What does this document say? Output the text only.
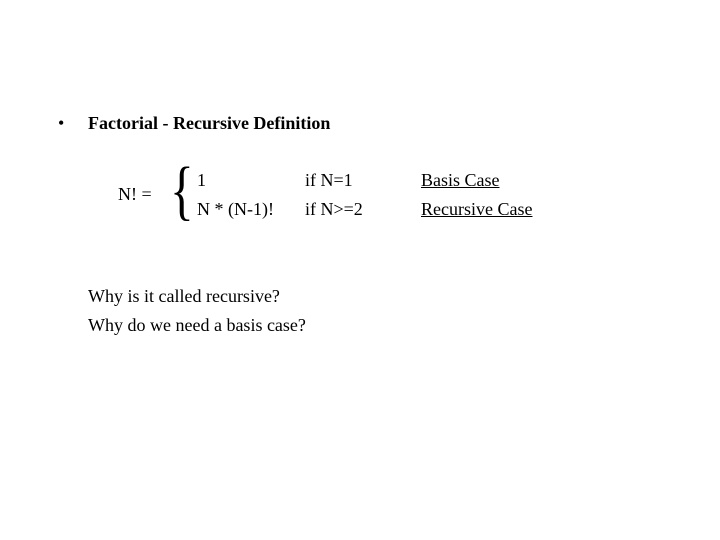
• Factorial - Recursive Definition
N! = { 1	if N=1	Basis Case
N * (N-1)! if N>=2	Recursive Case
Why is it called recursive?
Why do we need a basis case?
